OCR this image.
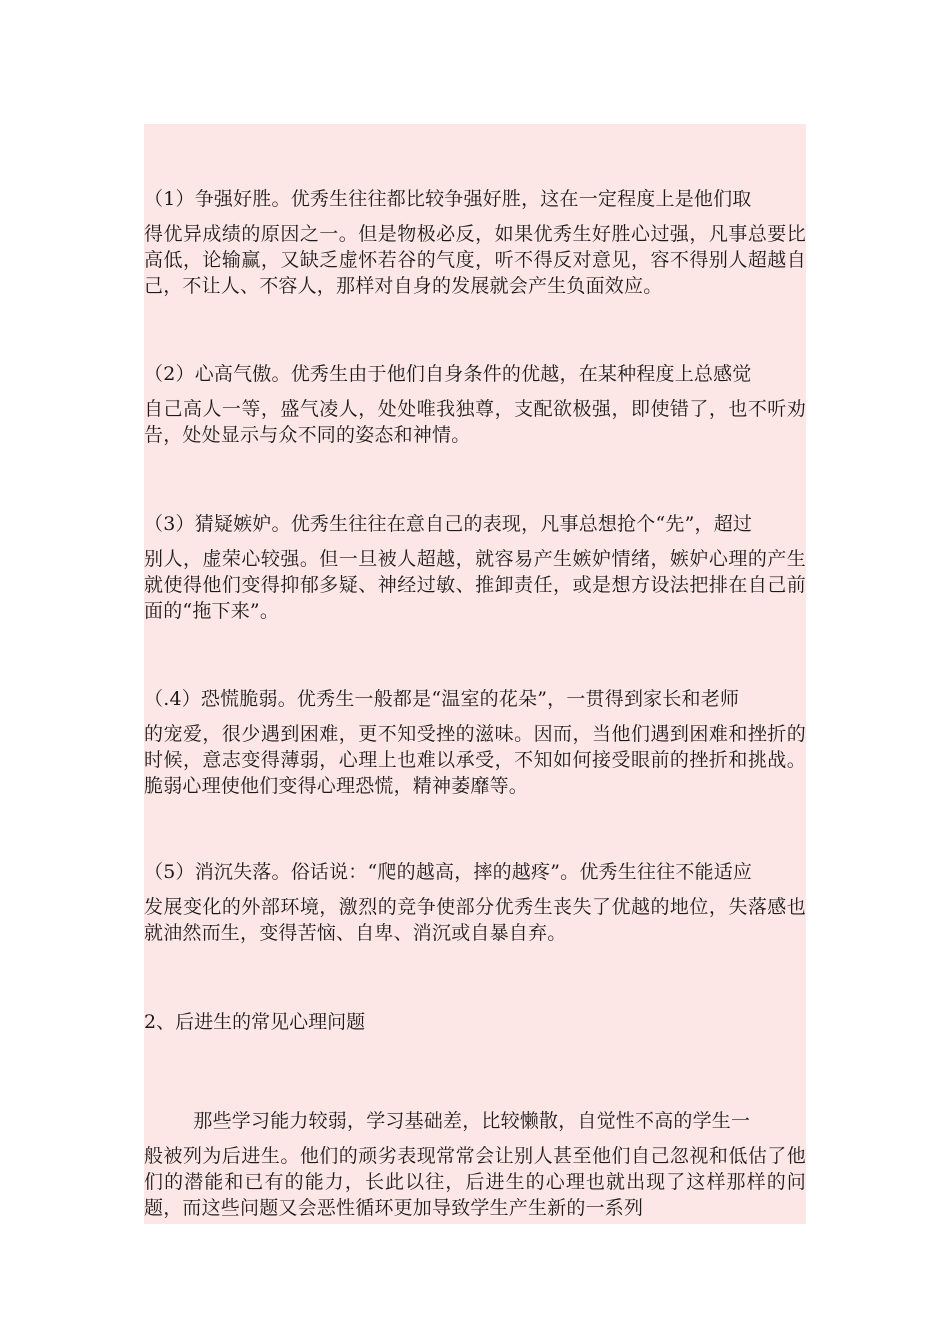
（1）争强好胜。优秀生往往都比较争强好胜，这在一定程度上是他们取
得优异成绩的原因之一。但是物极必反，如果优秀生好胜心过强，凡事总要比高低，论输赢，又缺乏虚怀若谷的气度，听不得反对意见，容不得别人超越自己，不让人、不容人，那样对自身的发展就会产生负面效应。
（2）心高气傲。优秀生由于他们自身条件的优越，在某种程度上总感觉
自己高人一等，盛气凌人，处处唯我独尊，支配欲极强，即使错了，也不听劝告，处处显示与众不同的姿态和神情。
（3）猜疑嫉妒。优秀生往往在意自己的表现，凡事总想抢个“先”，超过
别人，虚荣心较强。但一旦被人超越，就容易产生嫉妒情绪，嫉妒心理的产生就使得他们变得抑郁多疑、神经过敏、推卸责任，或是想方设法把排在自己前面的“拖下来”。
（.4）恐慌脆弱。优秀生一般都是“温室的花朵”，一贯得到家长和老师
的宠爱，很少遇到困难，更不知受挫的滋味。因而，当他们遇到困难和挫折的时候，意志变得薄弱，心理上也难以承受，不知如何接受眼前的挫折和挑战。脆弱心理使他们变得心理恐慌，精神萎靡等。
（5）消沉失落。俗话说：“爬的越高，摔的越疼”。优秀生往往不能适应
发展变化的外部环境，激烈的竞争使部分优秀生丧失了优越的地位，失落感也就油然而生，变得苦恼、自卑、消沉或自暴自弃。
2、后进生的常见心理问题
那些学习能力较弱，学习基础差，比较懒散，自觉性不高的学生一
般被列为后进生。他们的顽劣表现常常会让别人甚至他们自己忽视和低估了他们的潜能和已有的能力，长此以往，后进生的心理也就出现了这样那样的问题，而这些问题又会恶性循环更加导致学生产生新的一系列
